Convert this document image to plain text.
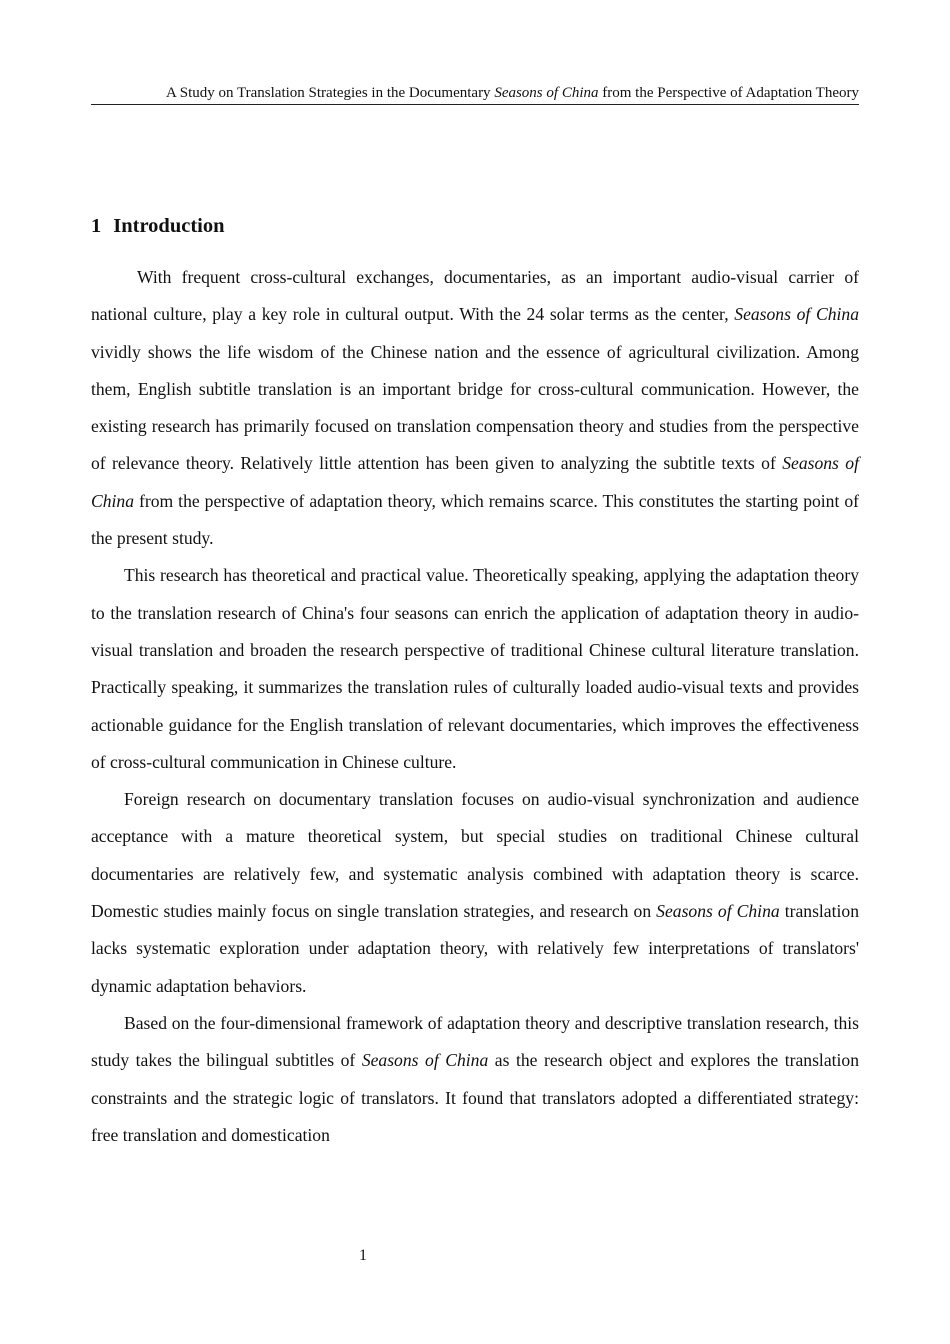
A Study on Translation Strategies in the Documentary Seasons of China from the Perspective of Adaptation Theory
1 Introduction

With frequent cross-cultural exchanges, documentaries, as an important audio-visual carrier of national culture, play a key role in cultural output. With the 24 solar terms as the center, Seasons of China vividly shows the life wisdom of the Chinese nation and the essence of agricultural civilization. Among them, English subtitle translation is an important bridge for cross-cultural communication. However, the existing research has primarily focused on translation compensation theory and studies from the perspective of relevance theory. Relatively little attention has been given to analyzing the subtitle texts of Seasons of China from the perspective of adaptation theory, which remains scarce. This constitutes the starting point of the present study.

This research has theoretical and practical value. Theoretically speaking, applying the adaptation theory to the translation research of China's four seasons can enrich the application of adaptation theory in audio-visual translation and broaden the research perspective of traditional Chinese cultural literature translation. Practically speaking, it summarizes the translation rules of culturally loaded audio-visual texts and provides actionable guidance for the English translation of relevant documentaries, which improves the effectiveness of cross-cultural communication in Chinese culture.

Foreign research on documentary translation focuses on audio-visual synchronization and audience acceptance with a mature theoretical system, but special studies on traditional Chinese cultural documentaries are relatively few, and systematic analysis combined with adaptation theory is scarce. Domestic studies mainly focus on single translation strategies, and research on Seasons of China translation lacks systematic exploration under adaptation theory, with relatively few interpretations of translators' dynamic adaptation behaviors.

Based on the four-dimensional framework of adaptation theory and descriptive translation research, this study takes the bilingual subtitles of Seasons of China as the research object and explores the translation constraints and the strategic logic of translators. It found that translators adopted a differentiated strategy: free translation and domestication

1
